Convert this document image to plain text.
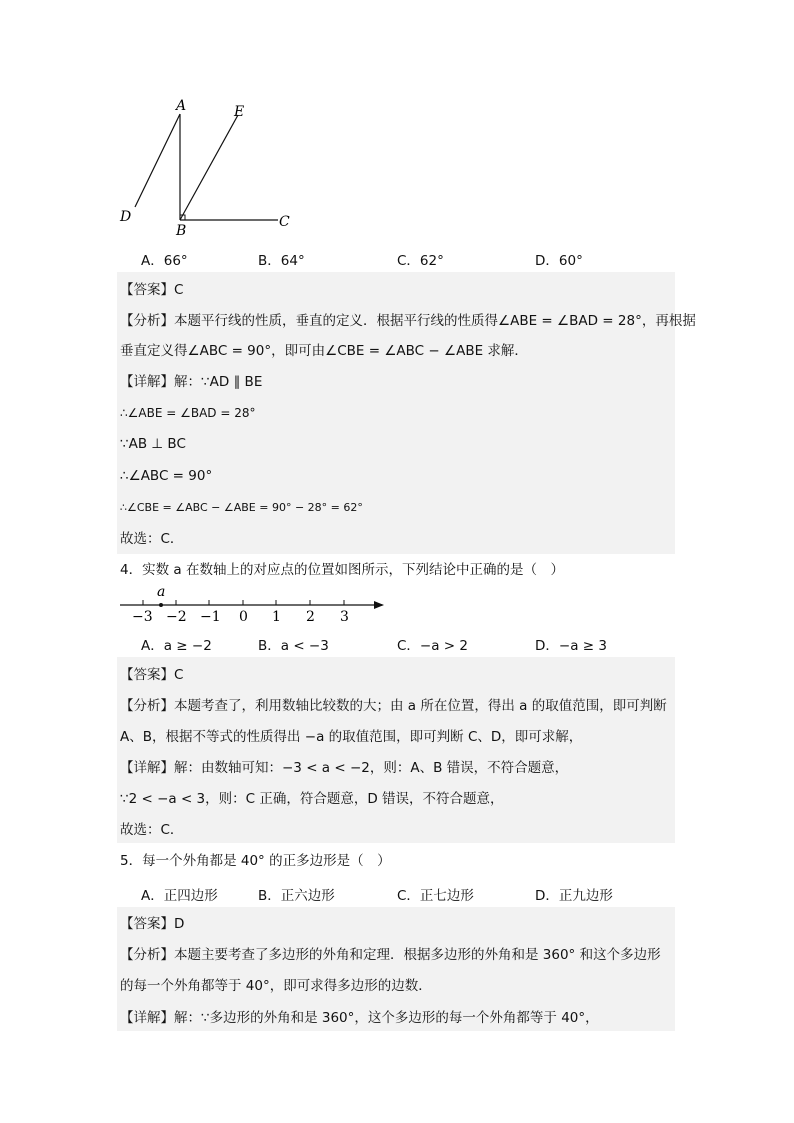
A	E
D
B
C
A．66°	B．64°	C．62°	D．60°
【答案】C
【分析】本题平行线的性质，垂直的定义．根据平行线的性质得∠ABE = ∠BAD = 28°，再根据
垂直定义得∠ABC = 90°，即可由∠CBE = ∠ABC − ∠ABE 求解．
【详解】解：∵AD ∥ BE
∴∠ABE = ∠BAD = 28°
∵AB ⊥ BC
∴∠ABC = 90°
∴∠CBE = ∠ABC − ∠ABE = 90° − 28° = 62°
故选：C．
4．实数 a 在数轴上的对应点的位置如图所示，下列结论中正确的是（　）
a
−3 −2 −1 0 1 2 3
A．a ≥ −2	B．a < −3	C．−a > 2	D．−a ≥ 3
【答案】C
【分析】本题考查了，利用数轴比较数的大；由 a 所在位置，得出 a 的取值范围，即可判断
A、B，根据不等式的性质得出 −a 的取值范围，即可判断 C、D，即可求解，
【详解】解：由数轴可知：−3 < a < −2，则：A、B 错误，不符合题意，
∵2 < −a < 3，则：C 正确，符合题意，D 错误，不符合题意，
故选：C．
5．每一个外角都是 40° 的正多边形是（　）
A．正四边形	B．正六边形	C．正七边形	D．正九边形
【答案】D
【分析】本题主要考查了多边形的外角和定理．根据多边形的外角和是 360° 和这个多边形
的每一个外角都等于 40°，即可求得多边形的边数．
【详解】解：∵多边形的外角和是 360°，这个多边形的每一个外角都等于 40°，
